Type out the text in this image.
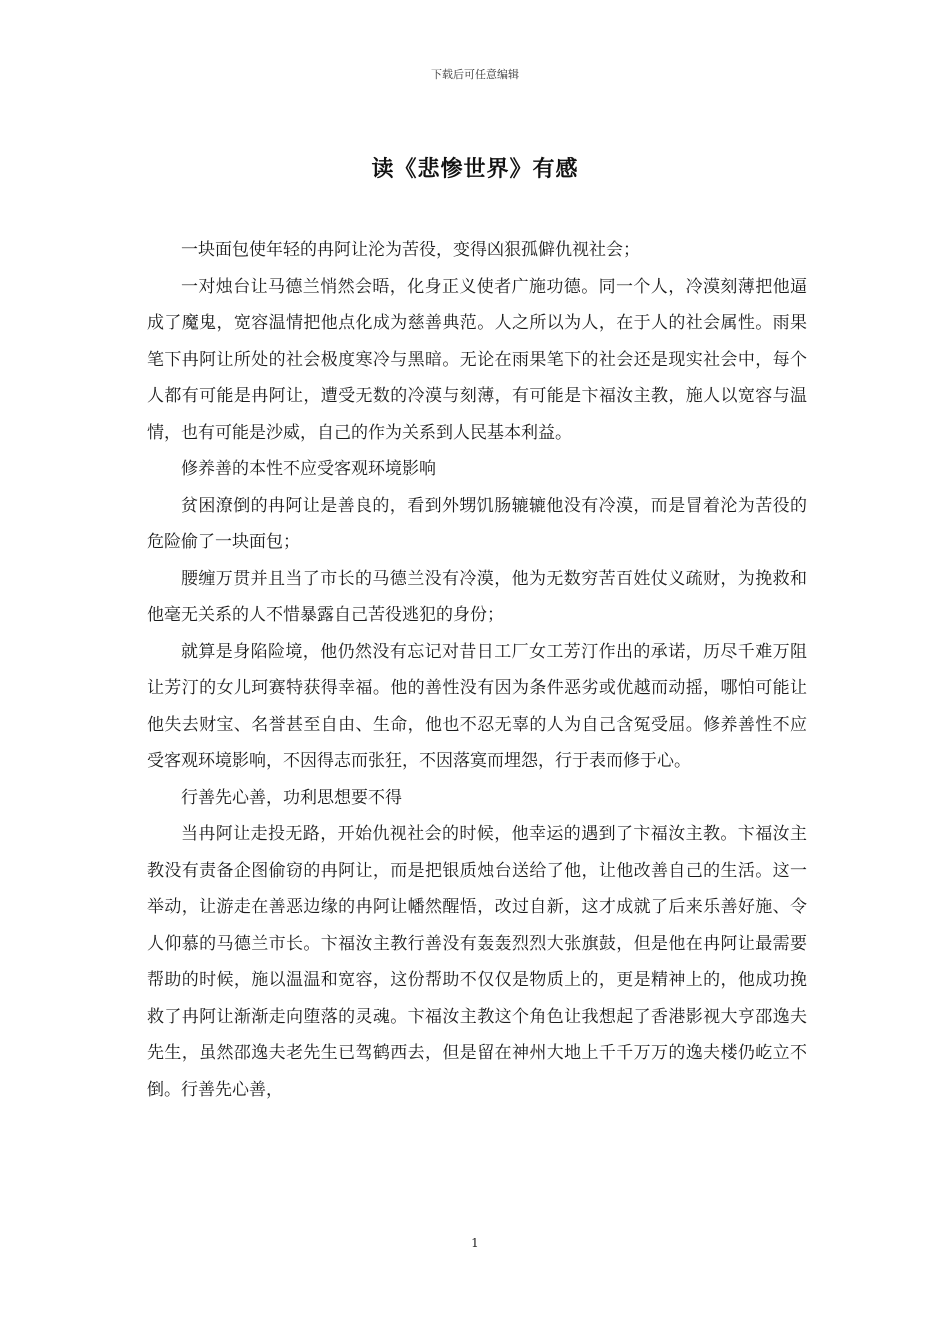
下载后可任意编辑
读《悲惨世界》有感

一块面包使年轻的冉阿让沦为苦役，变得凶狠孤僻仇视社会；

一对烛台让马德兰悄然会晤，化身正义使者广施功德。同一个人，冷漠刻薄把他逼成了魔鬼，宽容温情把他点化成为慈善典范。人之所以为人，在于人的社会属性。雨果笔下冉阿让所处的社会极度寒冷与黑暗。无论在雨果笔下的社会还是现实社会中，每个人都有可能是冉阿让，遭受无数的冷漠与刻薄，有可能是卞福汝主教，施人以宽容与温情，也有可能是沙威，自己的作为关系到人民基本利益。

修养善的本性不应受客观环境影响

贫困潦倒的冉阿让是善良的，看到外甥饥肠辘辘他没有冷漠，而是冒着沦为苦役的危险偷了一块面包；

腰缠万贯并且当了市长的马德兰没有冷漠，他为无数穷苦百姓仗义疏财，为挽救和他毫无关系的人不惜暴露自己苦役逃犯的身份；

就算是身陷险境，他仍然没有忘记对昔日工厂女工芳汀作出的承诺，历尽千难万阻让芳汀的女儿珂赛特获得幸福。他的善性没有因为条件恶劣或优越而动摇，哪怕可能让他失去财宝、名誉甚至自由、生命，他也不忍无辜的人为自己含冤受屈。修养善性不应受客观环境影响，不因得志而张狂，不因落寞而埋怨，行于表而修于心。

行善先心善，功利思想要不得

当冉阿让走投无路，开始仇视社会的时候，他幸运的遇到了卞福汝主教。卞福汝主教没有责备企图偷窃的冉阿让，而是把银质烛台送给了他，让他改善自己的生活。这一举动，让游走在善恶边缘的冉阿让幡然醒悟，改过自新，这才成就了后来乐善好施、令人仰慕的马德兰市长。卞福汝主教行善没有轰轰烈烈大张旗鼓，但是他在冉阿让最需要帮助的时候，施以温温和宽容，这份帮助不仅仅是物质上的，更是精神上的，他成功挽救了冉阿让渐渐走向堕落的灵魂。卞福汝主教这个角色让我想起了香港影视大亨邵逸夫先生，虽然邵逸夫老先生已驾鹤西去，但是留在神州大地上千千万万的逸夫楼仍屹立不倒。行善先心善，

1
